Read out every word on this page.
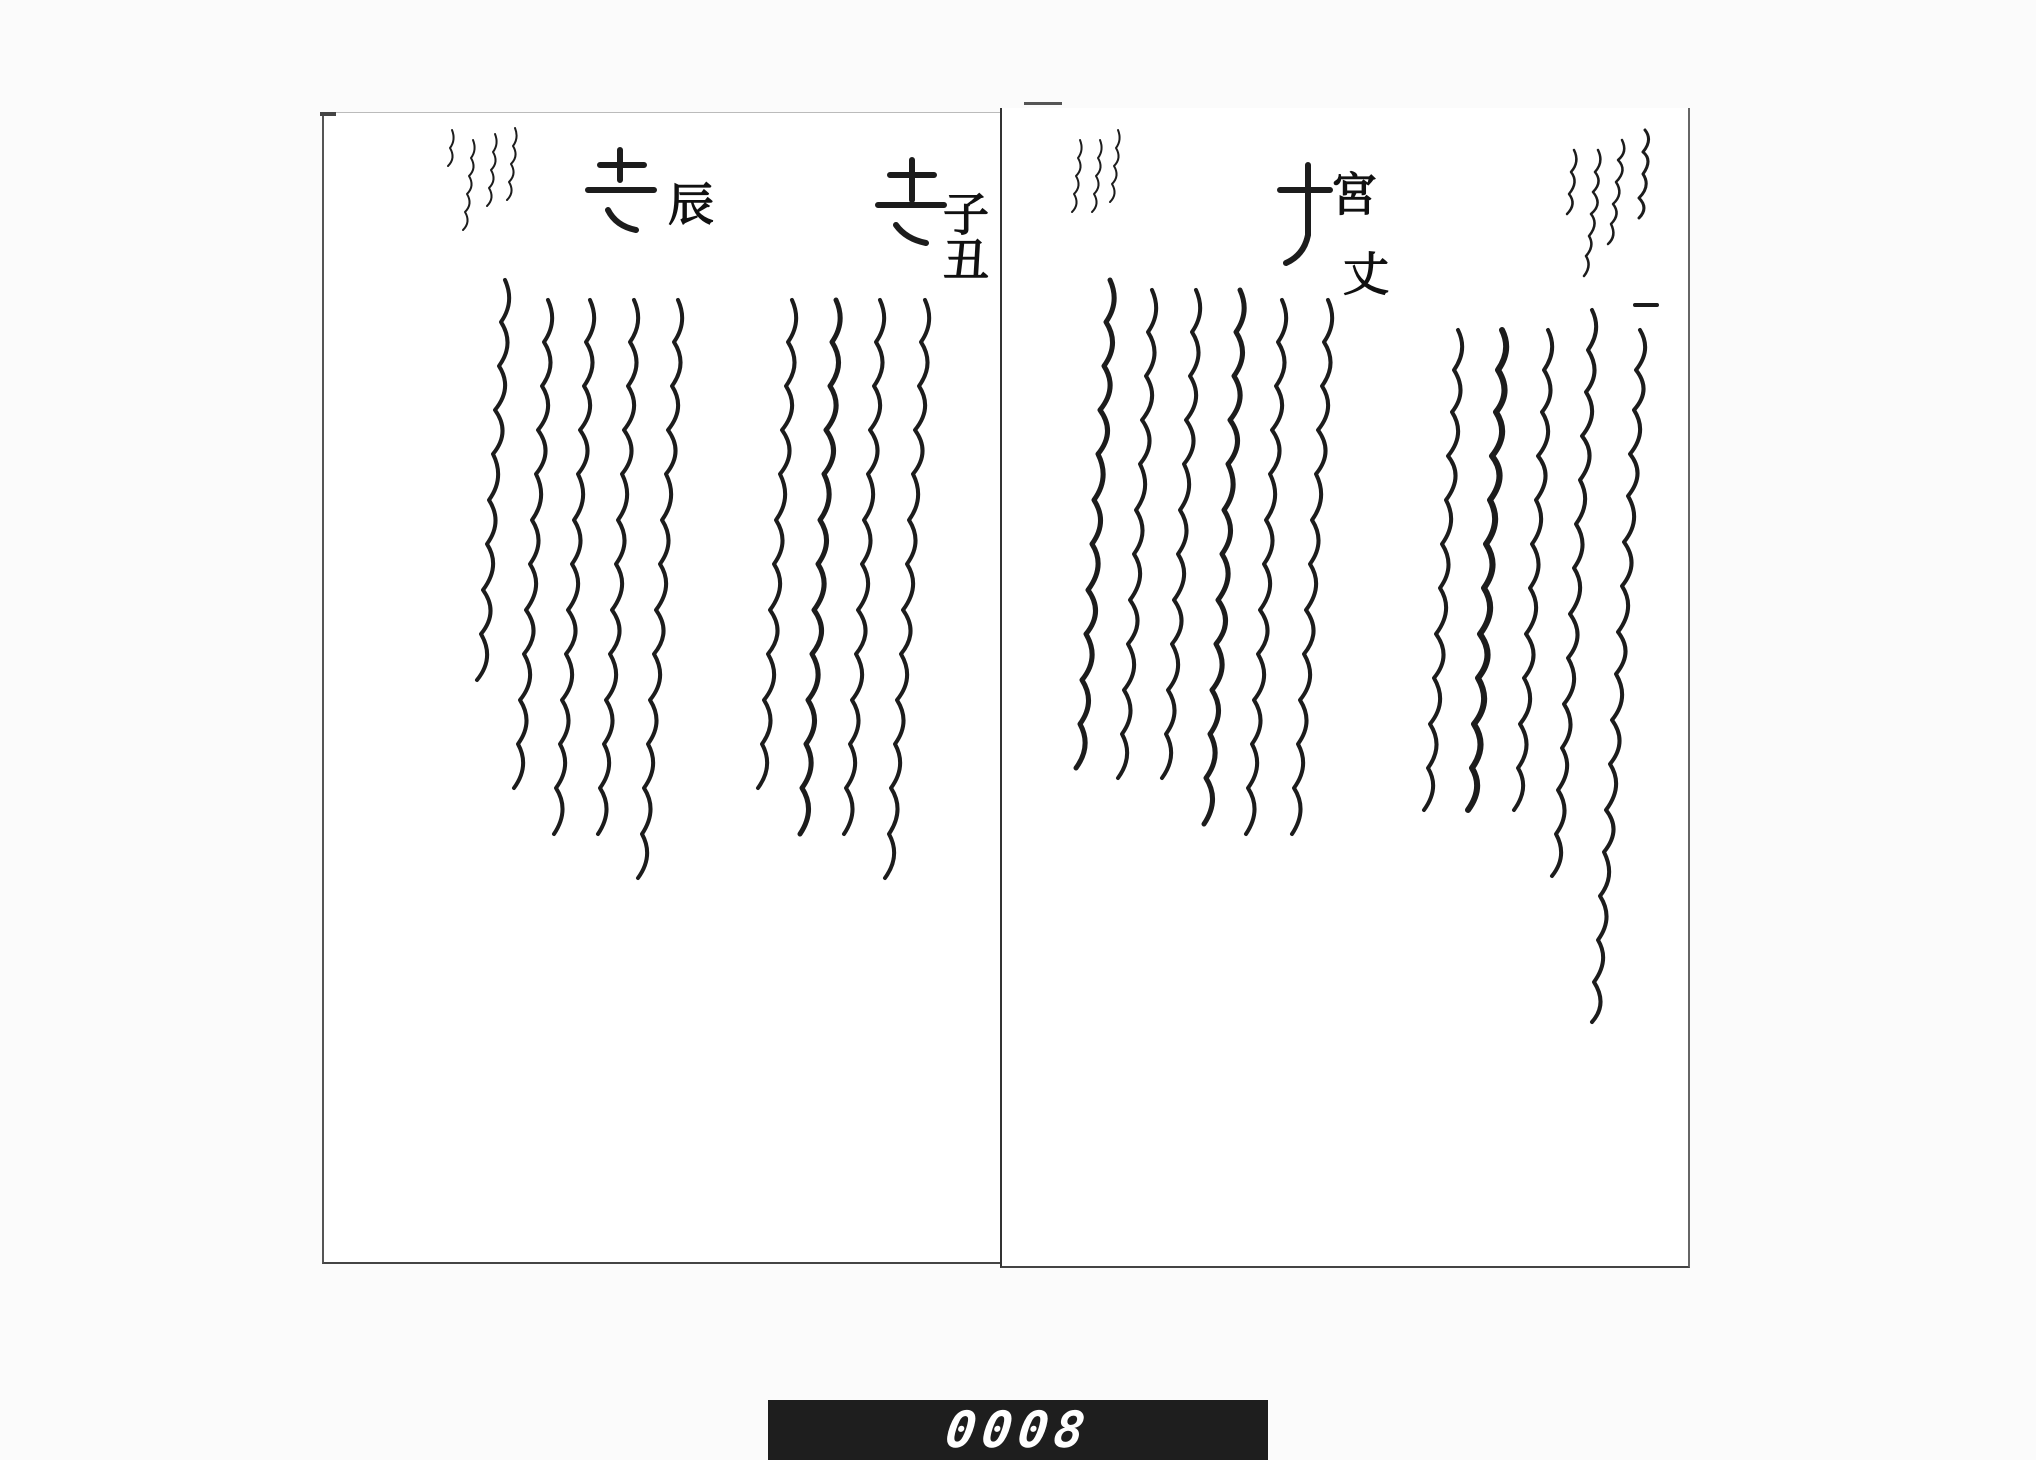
宮
丈
子丑
辰
0008
